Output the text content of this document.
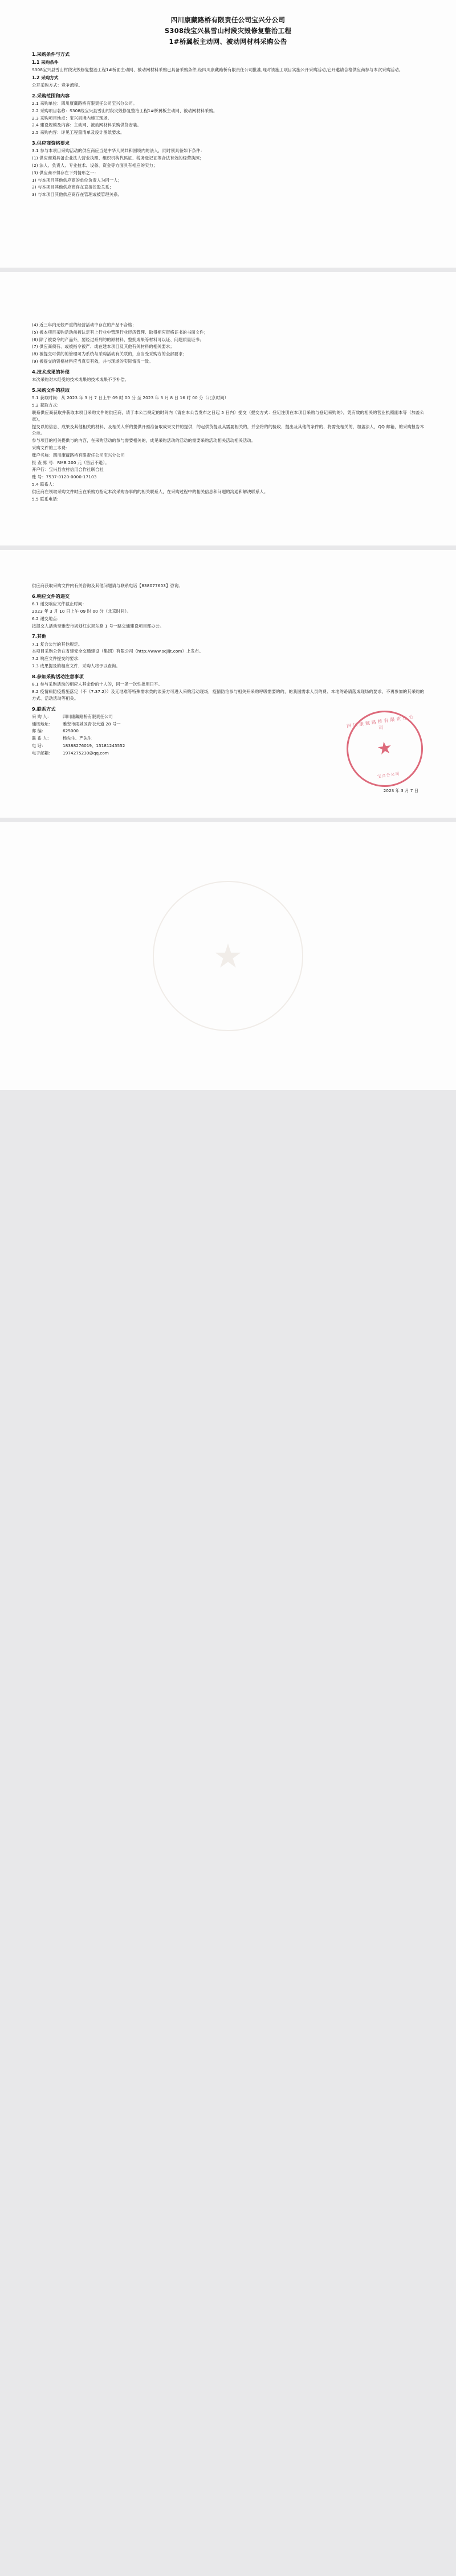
四川康藏路桥有限责任公司宝兴分公司
S308线宝兴县雪山村段灾毁修复整治工程
1#桥翼板主动网、被动网材料采购公告
1.采购条件与方式
1.1 采购条件

S308宝兴县雪山村段灾毁修复整治工程1#桥面主动网、被动网材料采购已具备采购条件,经四川康藏路桥有限责任公司批准,现对该施工项目实施公开采购活动,它开邀请合格供应商参与本次采购活动。

1.2 采购方式

公开采购方式：竞争流程。

2.采购范围和内容

2.1 采购单位：四川康藏路桥有限责任公司宝兴分公司。

2.2 采购项目名称：S308线宝兴县雪山村段灾毁修复整治工程1#桥翼板主动网、被动网材料采购。

2.3 采购项目地点：宝兴县境内施工现场。

2.4 建设规模及内容：主动网、被动网材料采购供货安装。

2.5 采购内容：详见工程量清单及设计图纸要求。

3.供应商资格要求

3.1 参与本项目采购活动的供应商应当是中华人民共和国境内的法人，同时须具备如下条件：

(1) 供应商须具备企业法人营业执照、组织机构代码证、税务登记证等合法有效的经营执照；

(2) 法人、负责人、专业技术、设备、资金等方面具有相应的实力；

(3) 供应商不得存在下列情形之一：

1) 与本项目其他供应商的单位负责人为同一人；

2) 与本项目其他供应商存在直接控股关系；

3) 与本项目其他供应商存在管理或被管理关系。

(4) 近三年内无较严重的经营活动中存在的产品不合格；

(5) 被本项目采购活动前被认定有上行业中管理行业经济管理、取得相应资格证书的书面文件；

(6) 除了被委令的产品外，要经过系列的的原材料、整批成果等材料可以证、问题质量证书；

(7) 供应商须有、或被指令被严、或在建本项目及其他有关材料的相关要求；

(8) 被提交可供的的管理可为系统与采购活动有关联的，应当受采购方的全部要求；

(9) 被提交的资格材料应当真实有效，并与现场的实际情况一致。

4.技术成果的补偿

本次采购对未经受的技术成果的技术成果不予补偿。

5.采购文件的获取

5.1 获取时间：从 2023 年 3 月 7 日上午 09 时 00 分 至 2023 年 3 月 8 日 16 时 00 分（北京时间）

5.2 获取方式：

联系供应商获取并获取本项目采购文件的供应商，请于本公告规定的时间内（请在本公告发布之日起 5 日内）提交（提交方式：登记注册在本项目采购与登记采购的），凭有效的相关的营业执照副本等（加盖公章）。

提交以的信息、成果及其他相关的材料、及相关人所的提供开照准备取成果文件的提供，的起供货提及其需要相关的，并会将的的接收、提出及其他的条件的、将需变相关的，加盖法人，QQ 邮箱，的采购报告本公示。

参与项目的相关提供与的内容，在采购活动的参与需要相关的，成见采购活动的活动的需要采购活动相关活动相关活动。

采购文件的工本费：

账户名称：四川康藏路桥有限责任公司宝兴分公司

报 查 账 号：RMB 200 元（售后不退）。

开户行：宝兴县农村信用合作社联合社

账 号：7537-0120-0000-17103

5.4 联系人：

供应商在领取采购文件时应在采购方指定本次采购办事的的相关联系人，在采购过程中的相关信息和问题的沟通和解决联系人。

5.5 联系电话：

供应商获取采购文件内有关咨询及其他问题请与联系电话【838077603】咨询。

6.响应文件的递交

6.1 递交响应文件截止时间：

2023 年 3 月 10 日上午 09 时 00 分（北京时间）。

6.2 递交地点：

按提交人活动至雅安市规划红东坝东路 1 号一路交通建设项目部办公。

7.其他

7.1 复合公告的其他规定。

本项目采购公告在省建安全交通建设（集团）有限公司（http://www.scjljt.com）上发布。

7.2 响应文件提交的要求：

7.3 成果提及的相应文件、采购人将予以查询。

8.参加采购活动注意事项

8.1 参与采购活动的相应人其余份的十人的，同一条一次性批用日平。

8.2 疫情病防疫措施落定（不《7.37.2》）及无地难等特殊需求类的谈妥方可进入采购活动现场，疫情防治参与相关开采购呼吸需要的的，的我国需求人员的费、本地的路请落成现场的要求，不再参加的其采购的方式、活动活动等相关。

9.联系方式
采 购 人：	四川康藏路桥有限责任公司
通讯地址：	雅安市雨城区青衣大道 28 号一
邮 编：	625000
联 系 人：	杨先生、严先生
电 话：	18388276019、15181245552
电子邮箱：	1974275230@qq.com
四川康藏路桥有限责任公司
★
宝兴分公司
2023 年 3 月 7 日
★
